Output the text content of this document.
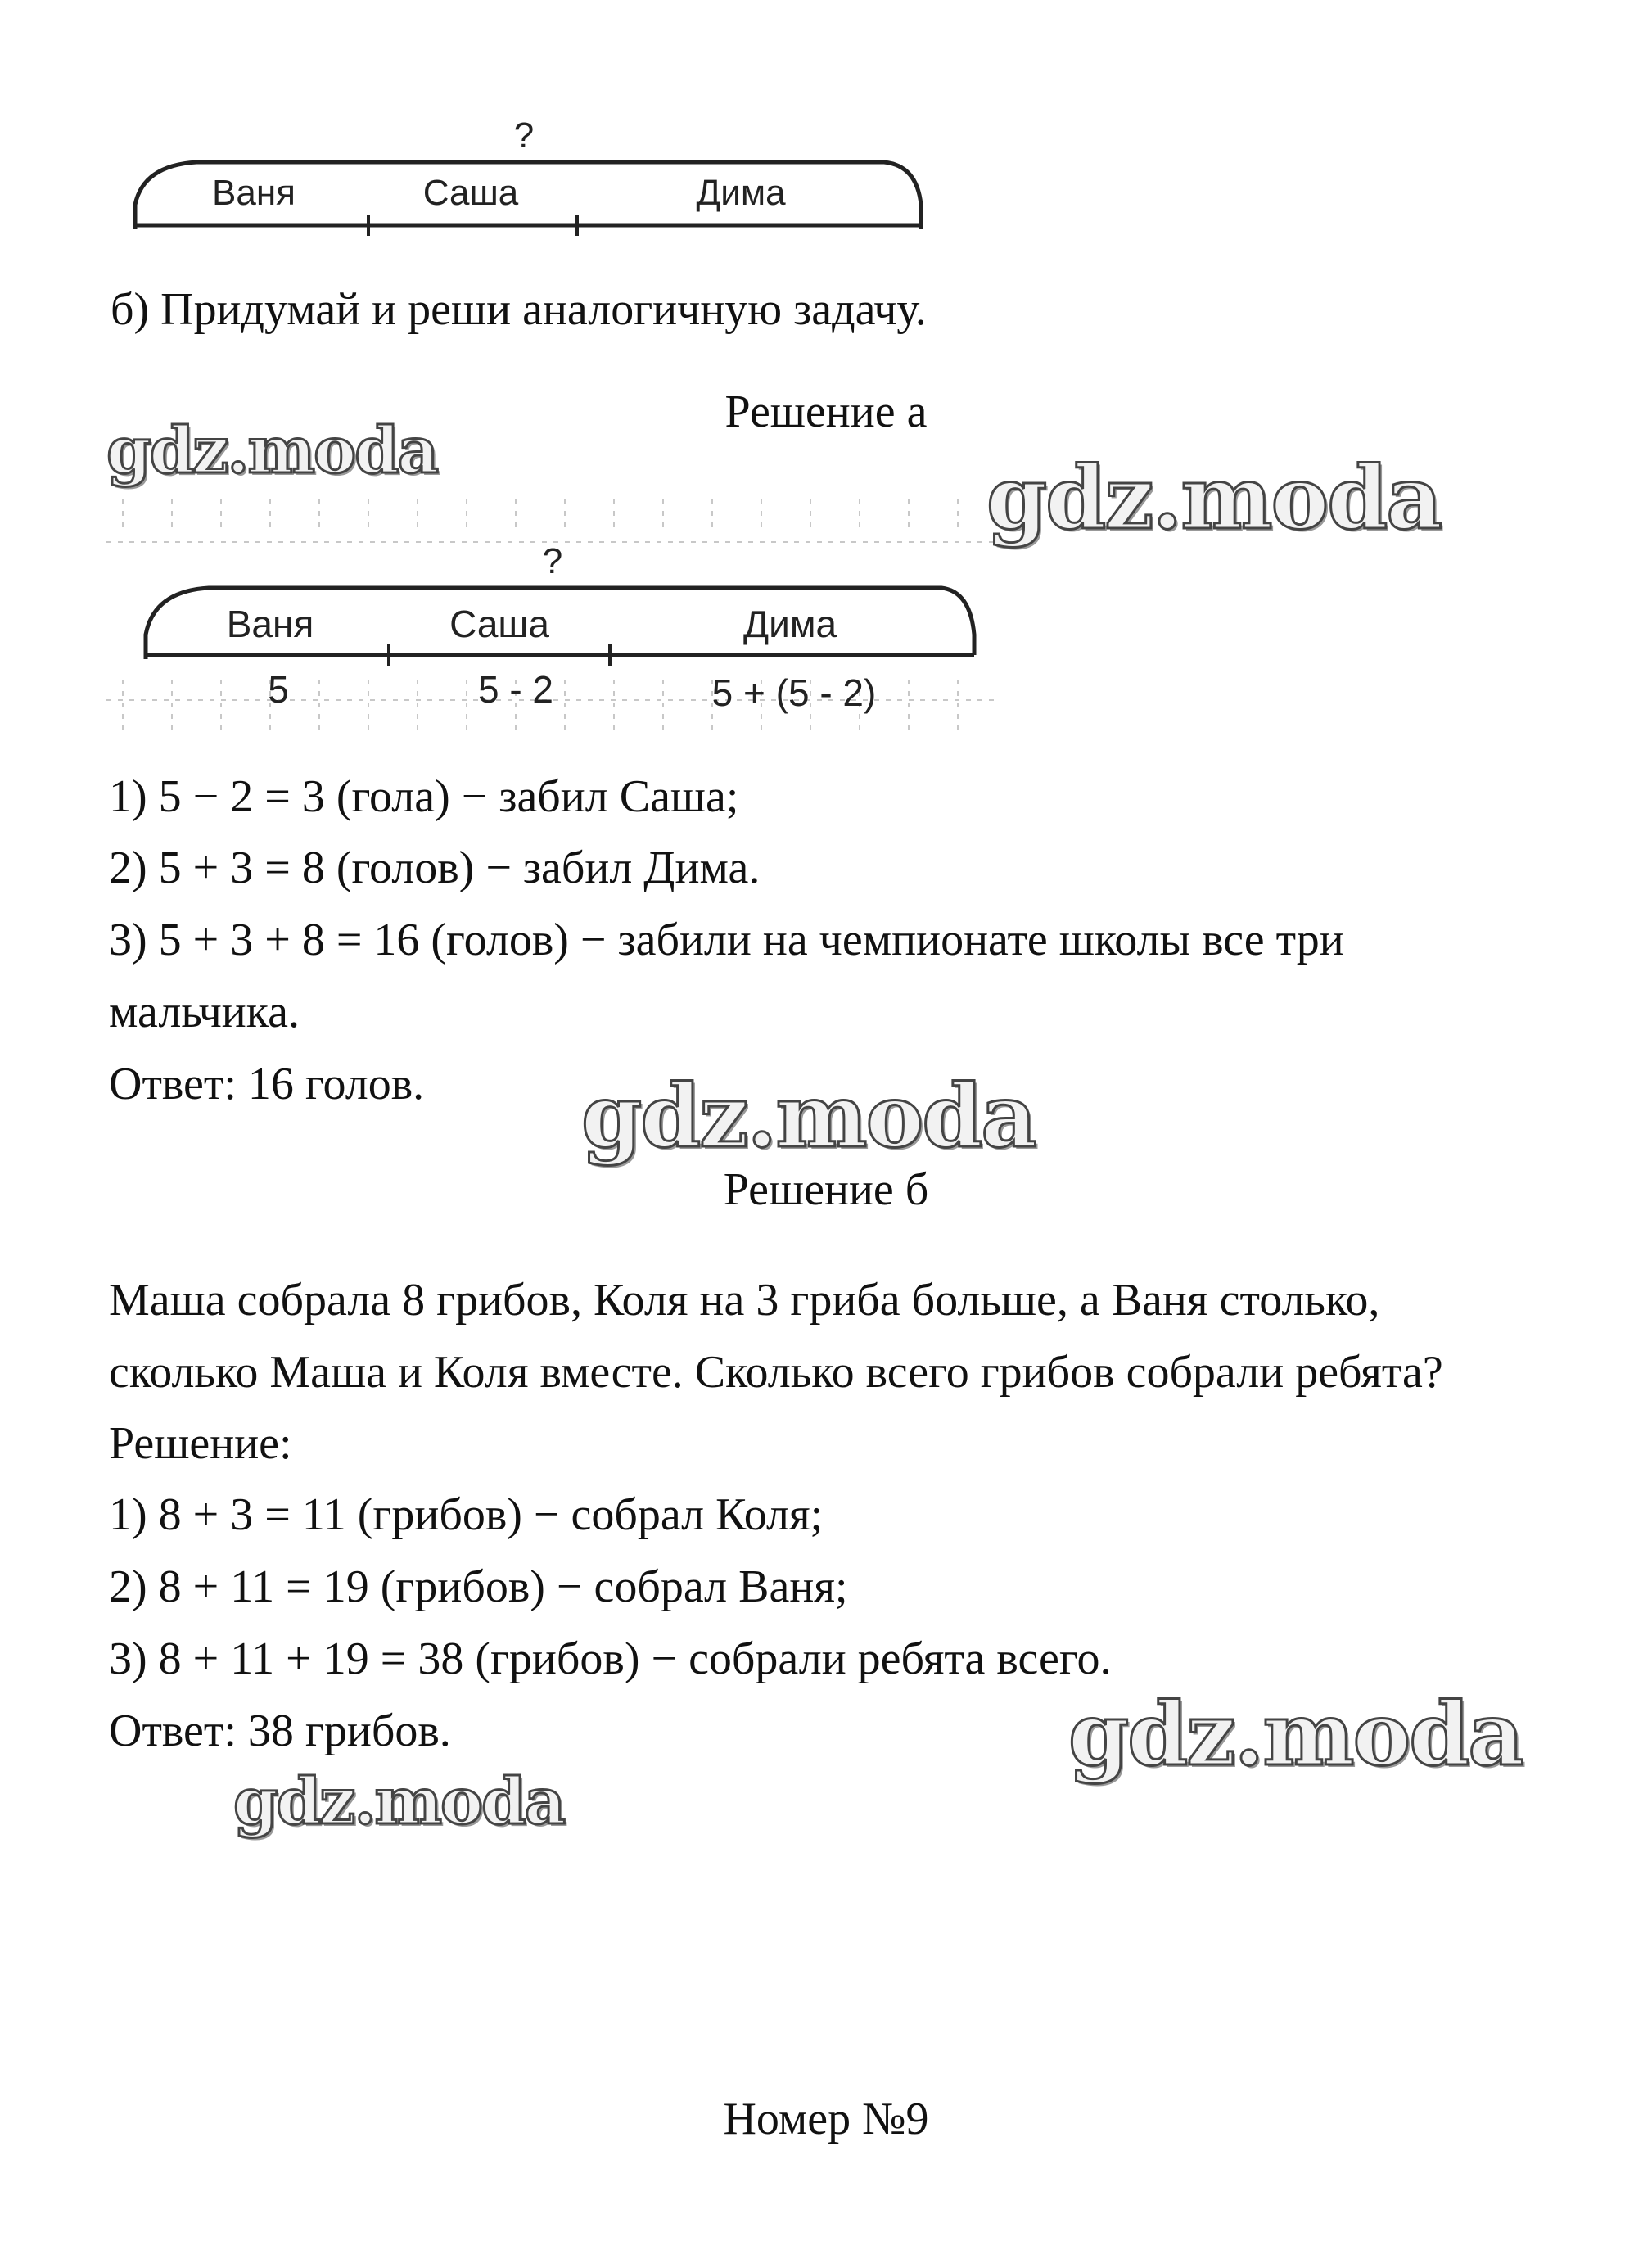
?
Ваня	Саша	Дима
б) Придумай и реши аналогичную задачу.
Решение а
?
Ваня	Саша	Дима
5	5 - 2	5 + (5 - 2)
1) 5 − 2 = 3 (гола) − забил Саша;
2) 5 + 3 = 8 (голов) − забил Дима.
3) 5 + 3 + 8 = 16 (голов) − забили на чемпионате школы все три
мальчика.
Ответ: 16 голов.
Решение б
Маша собрала 8 грибов, Коля на 3 гриба больше, а Ваня столько,
сколько Маша и Коля вместе. Сколько всего грибов собрали ребята?
Решение:
1) 8 + 3 = 11 (грибов) − собрал Коля;
2) 8 + 11 = 19 (грибов) − собрал Ваня;
3) 8 + 11 + 19 = 38 (грибов) − собрали ребята всего.
Ответ: 38 грибов.
Номер №9
gdz.moda	gdz.moda
gdz.moda
gdz.moda
gdz.moda
